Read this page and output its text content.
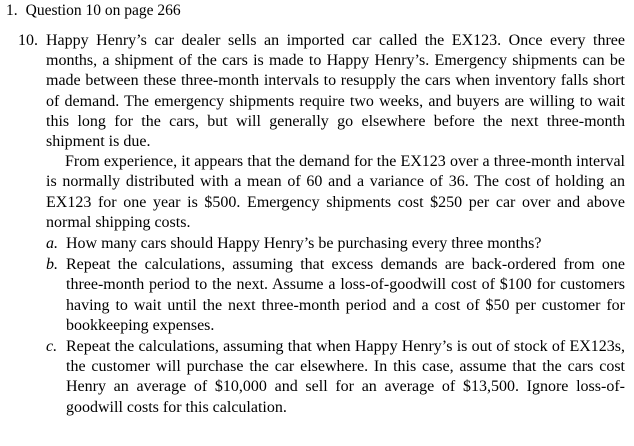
1. Question 10 on page 266
10. Happy Henry’s car dealer sells an imported car called the EX123. Once every three months, a shipment of the cars is made to Happy Henry’s. Emergency shipments can be made between these three-month intervals to resupply the cars when inventory falls short of demand. The emergency shipments require two weeks, and buyers are willing to wait this long for the cars, but will generally go elsewhere before the next three-month shipment is due.

From experience, it appears that the demand for the EX123 over a three-month interval is normally distributed with a mean of 60 and a variance of 36. The cost of holding an EX123 for one year is $500. Emergency shipments cost $250 per car over and above normal shipping costs.

a. How many cars should Happy Henry’s be purchasing every three months?
b. Repeat the calculations, assuming that excess demands are back-ordered from one three-month period to the next. Assume a loss-of-goodwill cost of $100 for customers having to wait until the next three-month period and a cost of $50 per customer for bookkeeping expenses.
c. Repeat the calculations, assuming that when Happy Henry’s is out of stock of EX123s, the customer will purchase the car elsewhere. In this case, assume that the cars cost Henry an average of $10,000 and sell for an average of $13,500. Ignore loss-of-goodwill costs for this calculation.
